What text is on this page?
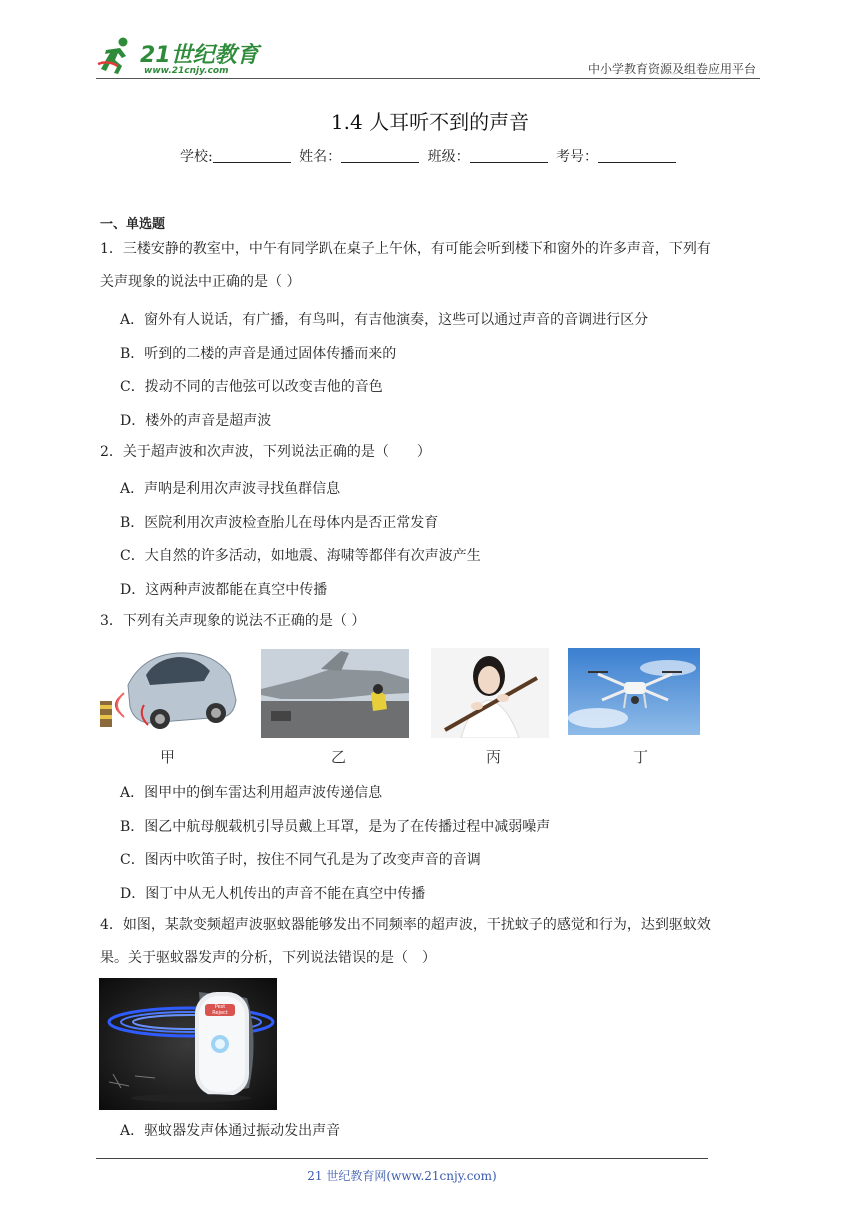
21世纪教育
www.21cnjy.com	中小学教育资源及组卷应用平台
1.4 人耳听不到的声音
学校:	姓名：	班级：	考号：
一、单选题
1．三楼安静的教室中，中午有同学趴在桌子上午休，有可能会听到楼下和窗外的许多声音，下列有
关声现象的说法中正确的是（ ）
A．窗外有人说话，有广播，有鸟叫，有吉他演奏，这些可以通过声音的音调进行区分
B．听到的二楼的声音是通过固体传播而来的
C．拨动不同的吉他弦可以改变吉他的音色
D．楼外的声音是超声波
2．关于超声波和次声波，下列说法正确的是（　　）
A．声呐是利用次声波寻找鱼群信息
B．医院利用次声波检查胎儿在母体内是否正常发育
C．大自然的许多活动，如地震、海啸等都伴有次声波产生
D．这两种声波都能在真空中传播
3．下列有关声现象的说法不正确的是（ ）
甲	乙	丙	丁
A．图甲中的倒车雷达利用超声波传递信息
B．图乙中航母舰载机引导员戴上耳罩，是为了在传播过程中减弱噪声
C．图丙中吹笛子时，按住不同气孔是为了改变声音的音调
D．图丁中从无人机传出的声音不能在真空中传播
4．如图，某款变频超声波驱蚊器能够发出不同频率的超声波，干扰蚊子的感觉和行为，达到驱蚊效
果。关于驱蚊器发声的分析，下列说法错误的是（　）
Pest
Reject
A．驱蚊器发声体通过振动发出声音
21 世纪教育网(www.21cnjy.com)
